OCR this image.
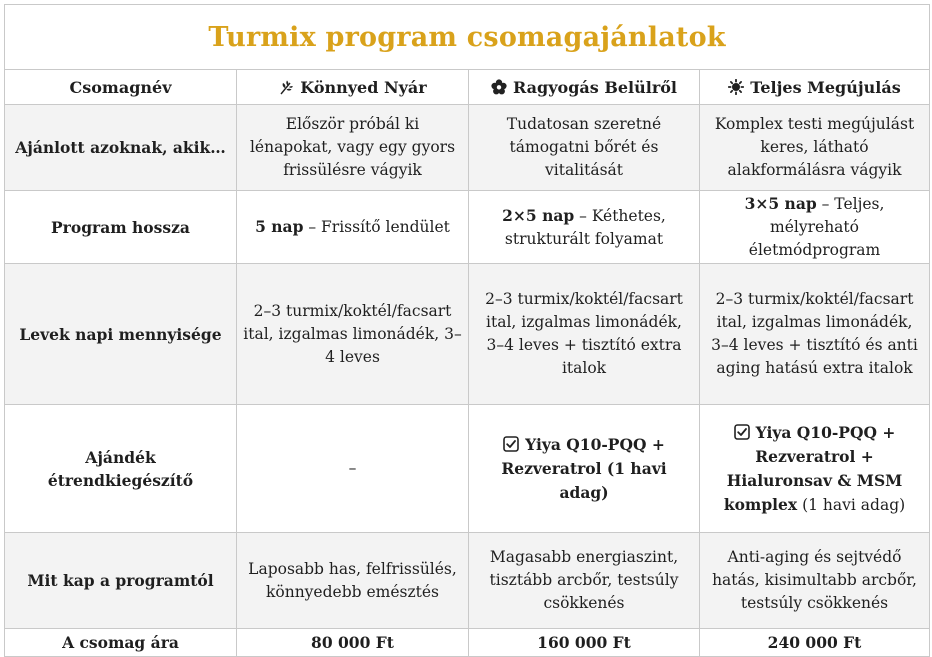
Turmix program csomagajánlatok			
Csomagnév	Könnyed Nyár	Ragyogás Belülről	Teljes Megújulás
Ajánlott azoknak, akik…	Először próbál ki lénapokat, vagy egy gyors frissülésre vágyik	Tudatosan szeretné támogatni bőrét és vitalitását	Komplex testi megújulást keres, látható alakformálásra vágyik
Program hossza	5 nap – Frissítő lendület	2×5 nap – Kéthetes, strukturált folyamat	3×5 nap – Teljes, mélyreható életmódprogram
Levek napi mennyisége	2–3 turmix/koktél/facsart ital, izgalmas limonádék, 3–4 leves	2–3 turmix/koktél/facsart ital, izgalmas limonádék, 3–4 leves + tisztító extra italok	2–3 turmix/koktél/facsart ital, izgalmas limonádék, 3–4 leves + tisztító és anti aging hatású extra italok
Ajándék étrendkiegészítő	–	Yiya Q10-PQQ + Rezveratrol (1 havi adag)	Yiya Q10-PQQ + Rezveratrol + Hialuronsav & MSM komplex (1 havi adag)
Mit kap a programtól	Laposabb has, felfrissülés, könnyedebb emésztés	Magasabb energiaszint, tisztább arcbőr, testsúly csökkenés	Anti-aging és sejtvédő hatás, kisimultabb arcbőr, testsúly csökkenés
A csomag ára	80 000 Ft	160 000 Ft	240 000 Ft
